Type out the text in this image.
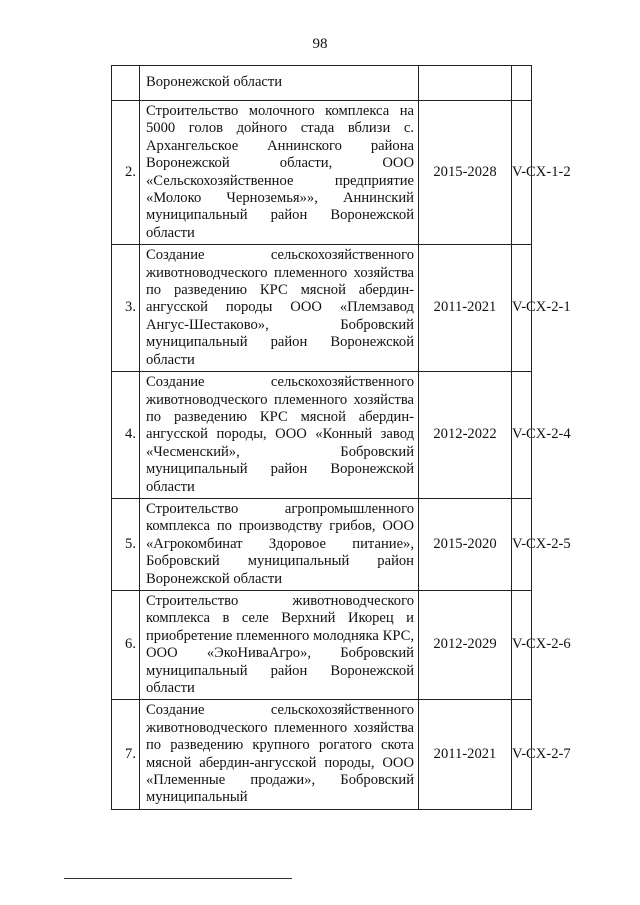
98
	Воронежской области		
2.	Строительство молочного комплекса на 5000 голов дойного стада вблизи с. Архангельское Аннинского района Воронежской области, ООО «Сельскохозяйственное предприятие «Молоко Черноземья»», Аннинский муниципальный район Воронежской области	2015-2028	V-CX-1-2
3.	Создание сельскохозяйственного животноводческого племенного хозяйства по разведению КРС мясной абердин-ангусской породы ООО «Племзавод Ангус-Шестаково», Бобровский муниципальный район Воронежской области	2011-2021	V-CX-2-1
4.	Создание сельскохозяйственного животноводческого племенного хозяйства по разведению КРС мясной абердин-ангусской породы, ООО «Конный завод «Чесменский», Бобровский муниципальный район Воронежской области	2012-2022	V-CX-2-4
5.	Строительство агропромышленного комплекса по производству грибов, ООО «Агрокомбинат Здоровое питание», Бобровский муниципальный район Воронежской области	2015-2020	V-CX-2-5
6.	Строительство животноводческого комплекса в селе Верхний Икорец и приобретение племенного молодняка КРС, ООО «ЭкоНиваАгро», Бобровский муниципальный район Воронежской области	2012-2029	V-CX-2-6
7.	Создание сельскохозяйственного животноводческого племенного хозяйства по разведению крупного рогатого скота мясной абердин-ангусской породы, ООО «Племенные продажи», Бобровский муниципальный	2011-2021	V-CX-2-7
